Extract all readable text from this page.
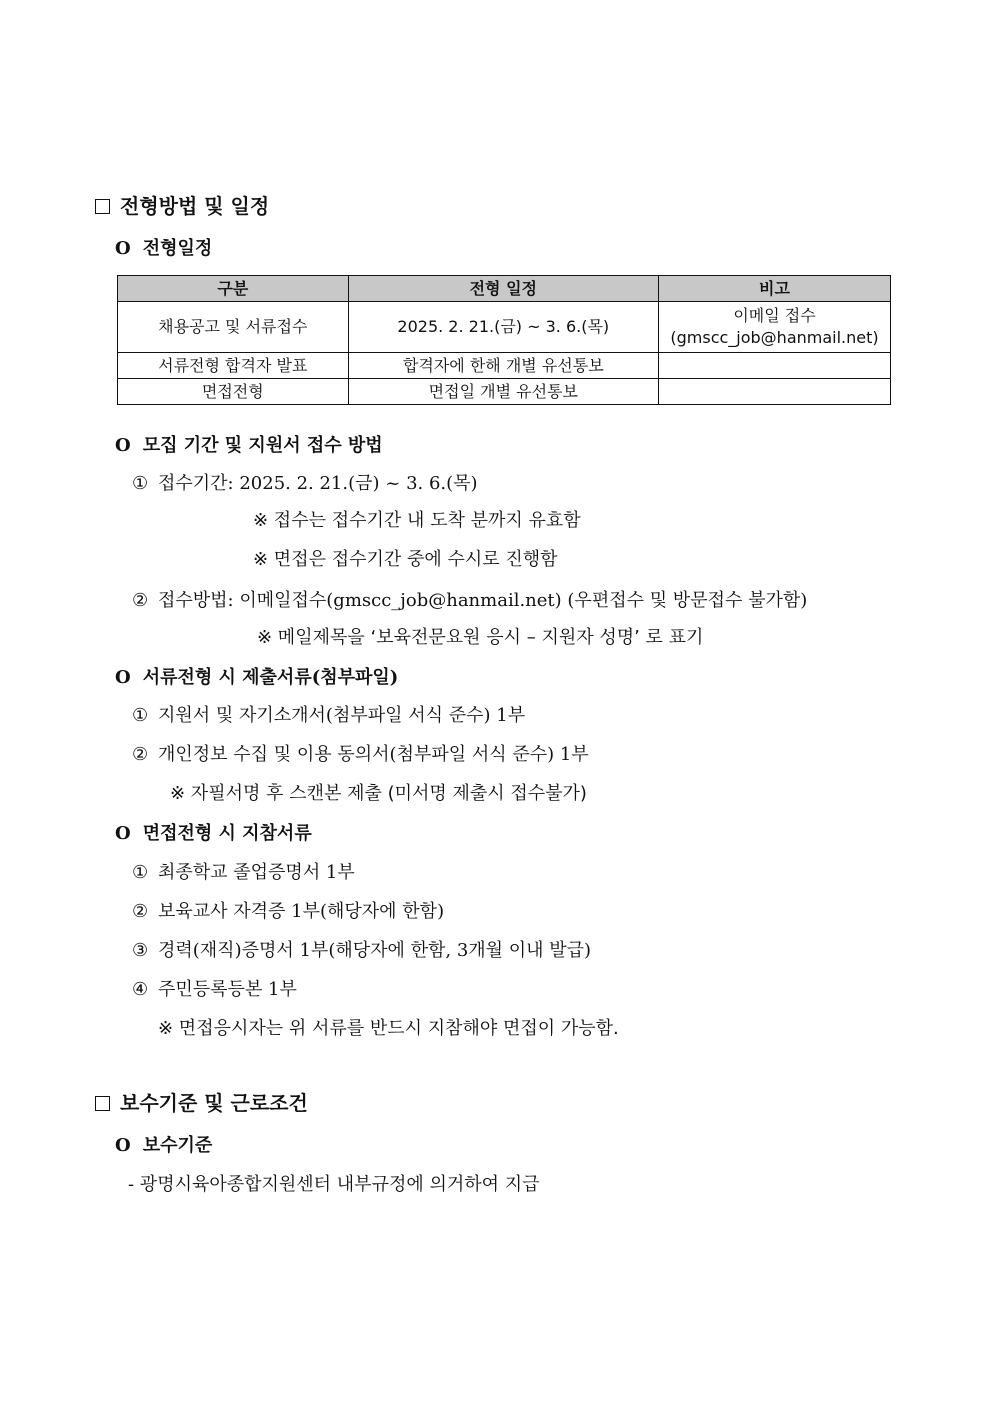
전형방법 및 일정
O 전형일정
구분	전형 일정	비고
채용공고 및 서류접수	2025. 2. 21.(금) ~ 3. 6.(목)	이메일 접수
(gmscc_job@hanmail.net)

서류전형 합격자 발표	합격자에 한해 개별 유선통보	
면접전형	면접일 개별 유선통보	
O 모집 기간 및 지원서 접수 방법
① 접수기간: 2025. 2. 21.(금) ~ 3. 6.(목)
※ 접수는 접수기간 내 도착 분까지 유효함
※ 면접은 접수기간 중에 수시로 진행함
② 접수방법: 이메일접수(gmscc_job@hanmail.net) (우편접수 및 방문접수 불가함)
※ 메일제목을 ‘보육전문요원 응시 – 지원자 성명’ 로 표기
O 서류전형 시 제출서류(첨부파일)
① 지원서 및 자기소개서(첨부파일 서식 준수) 1부
② 개인정보 수집 및 이용 동의서(첨부파일 서식 준수) 1부
※ 자필서명 후 스캔본 제출 (미서명 제출시 접수불가)
O 면접전형 시 지참서류
① 최종학교 졸업증명서 1부
② 보육교사 자격증 1부(해당자에 한함)
③ 경력(재직)증명서 1부(해당자에 한함, 3개월 이내 발급)
④ 주민등록등본 1부
※ 면접응시자는 위 서류를 반드시 지참해야 면접이 가능함.
보수기준 및 근로조건
O 보수기준
- 광명시육아종합지원센터 내부규정에 의거하여 지급
